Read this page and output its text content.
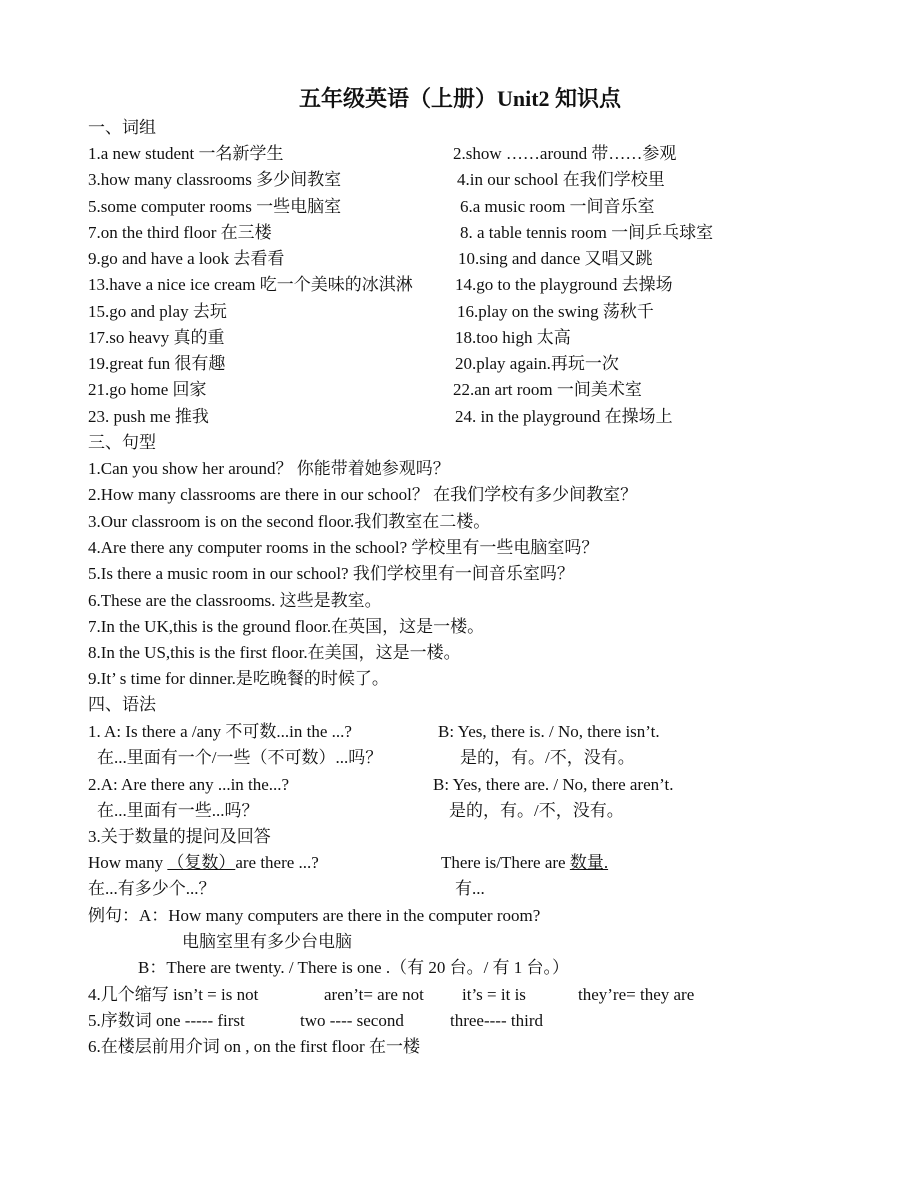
五年级英语（上册）Unit2 知识点
一、词组
1.a new student 一名新学生	2.show ……around 带……参观
3.how many classrooms 多少间教室	4.in our school 在我们学校里
5.some computer rooms 一些电脑室	6.a music room 一间音乐室
7.on the third floor 在三楼	8. a table tennis room 一间乒乓球室
9.go and have a look 去看看	10.sing and dance 又唱又跳
13.have a nice ice cream 吃一个美味的冰淇淋 14.go to the playground 去操场
15.go and play 去玩	16.play on the swing 荡秋千
17.so heavy 真的重	18.too high 太高
19.great fun 很有趣	20.play again.再玩一次
21.go home 回家	22.an art room 一间美术室
23. push me 推我	24. in the playground 在操场上
三、句型
1.Can you show her around？ 你能带着她参观吗？
2.How many classrooms are there in our school？ 在我们学校有多少间教室？
3.Our classroom is on the second floor.我们教室在二楼。
4.Are there any computer rooms in the school? 学校里有一些电脑室吗？
5.Is there a music room in our school? 我们学校里有一间音乐室吗？
6.These are the classrooms. 这些是教室。
7.In the UK,this is the ground floor.在英国，这是一楼。
8.In the US,this is the first floor.在美国，这是一楼。
9.It’ s time for dinner.是吃晚餐的时候了。
四、语法
1. A: Is there a /any 不可数...in the ...?	B: Yes, there is. / No, there isn’t.
在...里面有一个/一些（不可数）...吗？	是的，有。/不，没有。
2.A: Are there any ...in the...?	B: Yes, there are. / No, there aren’t.
在...里面有一些...吗？	是的，有。/不，没有。
3.关于数量的提问及回答
How many （复数）are there ...?	There is/There are 数量.
在...有多少个...？	有...
例句：A：How many computers are there in the computer room?
电脑室里有多少台电脑
B：There are twenty. / There is one .（有 20 台。/ 有 1 台。）
4.几个缩写 isn’t = is not	aren’t= are not it’s = it is	they’re= they are
5.序数词 one ----- first	two ---- second	three---- third
6.在楼层前用介词 on , on the first floor 在一楼
